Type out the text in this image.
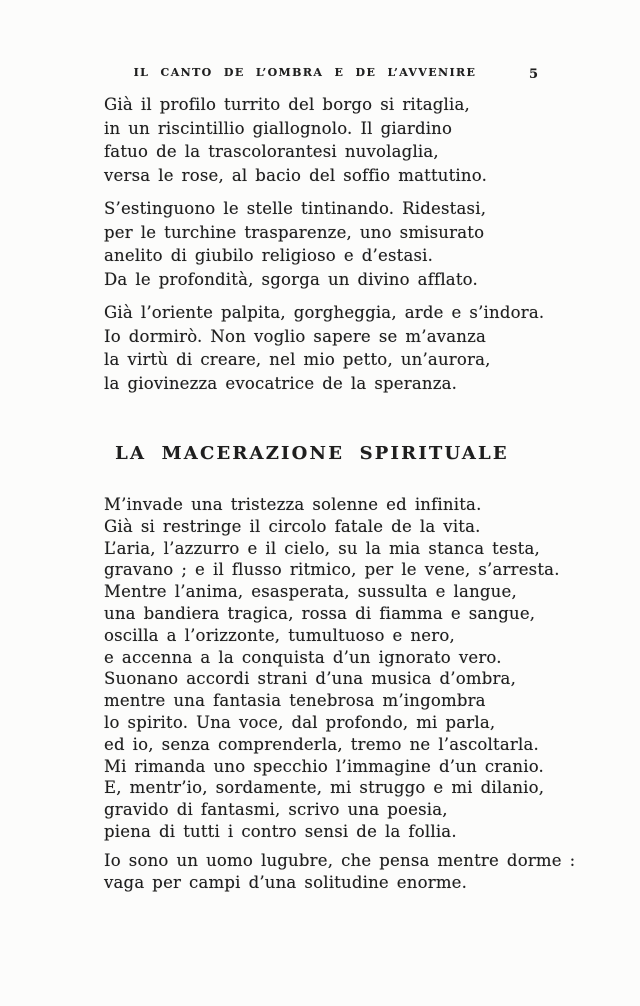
IL CANTO DE L’OMBRA E DE L’AVVENIRE	5
Già il profilo turrito del borgo si ritaglia,
in un riscintillio giallognolo. Il giardino
fatuo de la trascolorantesi nuvolaglia,
versa le rose, al bacio del soffio mattutino.
S’estinguono le stelle tintinando. Ridestasi,
per le turchine trasparenze, uno smisurato
anelito di giubilo religioso e d’estasi.
Da le profondità, sgorga un divino afflato.
Già l’oriente palpita, gorgheggia, arde e s’indora.
Io dormirò. Non voglio sapere se m’avanza
la virtù di creare, nel mio petto, un’aurora,
la giovinezza evocatrice de la speranza.
LA MACERAZIONE SPIRITUALE
M’invade una tristezza solenne ed infinita.
Già si restringe il circolo fatale de la vita.
L’aria, l’azzurro e il cielo, su la mia stanca testa,
gravano ; e il flusso ritmico, per le vene, s’arresta.
Mentre l’anima, esasperata, sussulta e langue,
una bandiera tragica, rossa di fiamma e sangue,
oscilla a l’orizzonte, tumultuoso e nero,
e accenna a la conquista d’un ignorato vero.
Suonano accordi strani d’una musica d’ombra,
mentre una fantasia tenebrosa m’ingombra
lo spirito. Una voce, dal profondo, mi parla,
ed io, senza comprenderla, tremo ne l’ascoltarla.
Mi rimanda uno specchio l’immagine d’un cranio.
E, mentr’io, sordamente, mi struggo e mi dilanio,
gravido di fantasmi, scrivo una poesia,
piena di tutti i contro sensi de la follia.
Io sono un uomo lugubre, che pensa mentre dorme :
vaga per campi d’una solitudine enorme.
